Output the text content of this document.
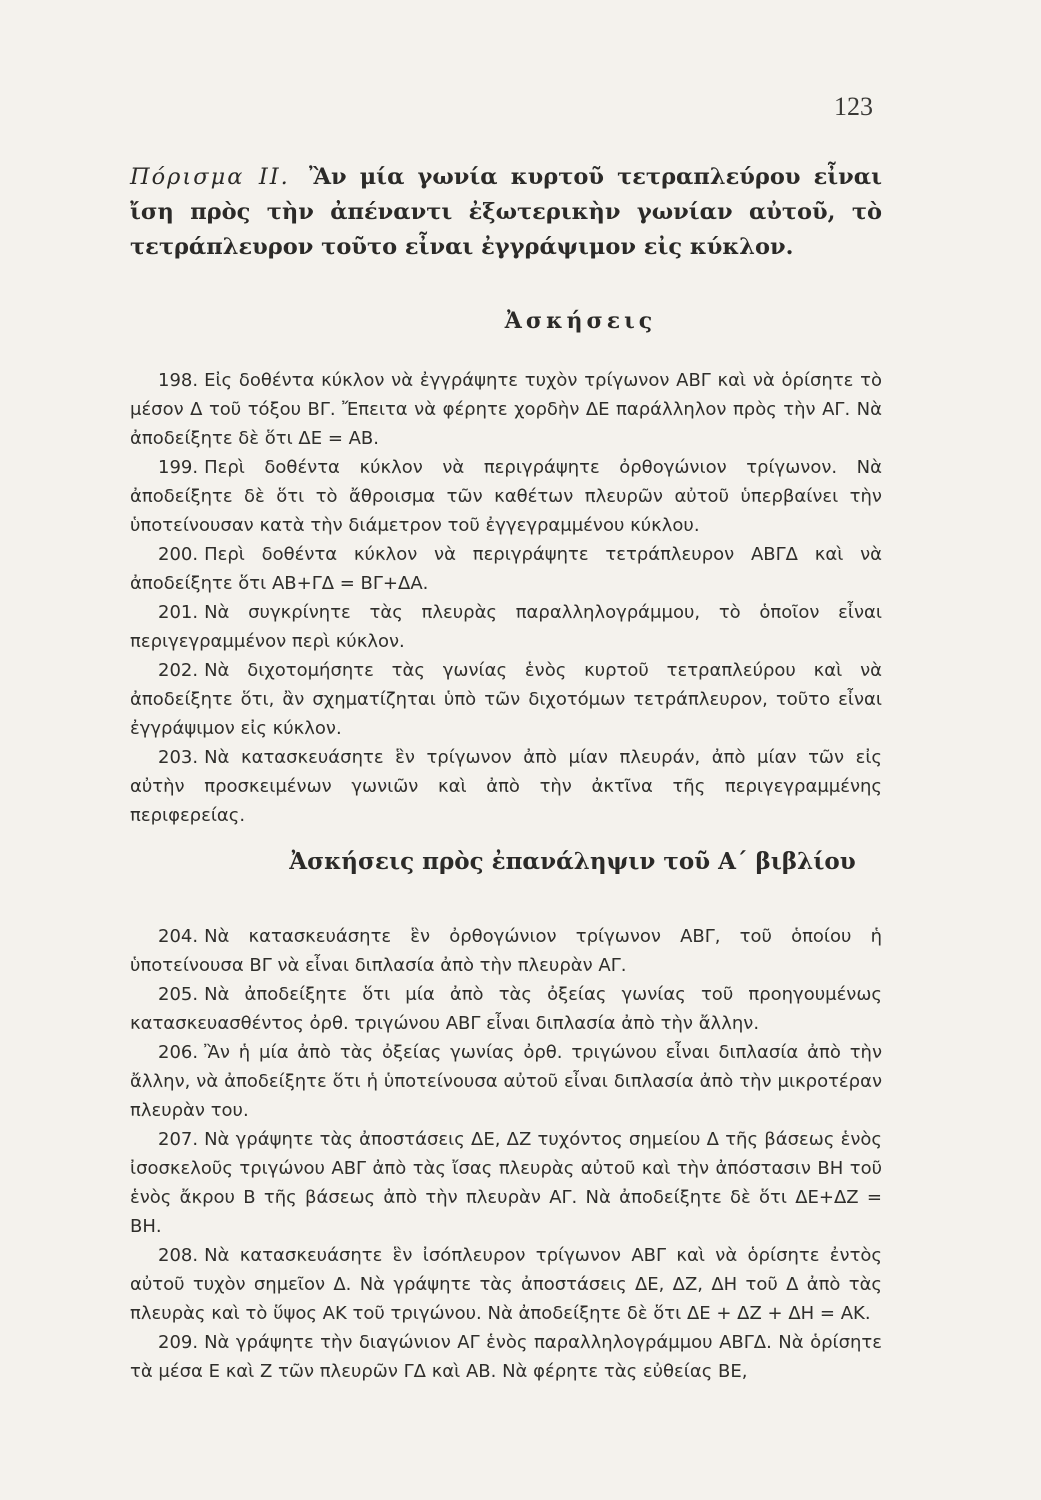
123

Πόρισμα ΙΙ. Ἂν μία γωνία κυρτοῦ τετραπλεύρου εἶναι ἴση πρὸς τὴν ἀπέναντι ἐξωτερικὴν γωνίαν αὐτοῦ, τὸ τετράπλευρον τοῦτο εἶναι ἐγγράψιμον εἰς κύκλον.

Ἀσκήσεις

198. Εἰς δοθέντα κύκλον νὰ ἐγγράψητε τυχὸν τρίγωνον ΑΒΓ καὶ νὰ ὁρίσητε τὸ μέσον Δ τοῦ τόξου ΒΓ. Ἔπειτα νὰ φέρητε χορδὴν ΔΕ παράλληλον πρὸς τὴν ΑΓ. Νὰ ἀποδείξητε δὲ ὅτι ΔΕ = ΑΒ.

199. Περὶ δοθέντα κύκλον νὰ περιγράψητε ὀρθογώνιον τρίγωνον. Νὰ ἀποδείξητε δὲ ὅτι τὸ ἄθροισμα τῶν καθέτων πλευρῶν αὐτοῦ ὑπερβαίνει τὴν ὑποτείνουσαν κατὰ τὴν διάμετρον τοῦ ἐγγεγραμμένου κύκλου.

200. Περὶ δοθέντα κύκλον νὰ περιγράψητε τετράπλευρον ΑΒΓΔ καὶ νὰ ἀποδείξητε ὅτι ΑΒ+ΓΔ = ΒΓ+ΔΑ.

201. Νὰ συγκρίνητε τὰς πλευρὰς παραλληλογράμμου, τὸ ὁποῖον εἶναι περιγεγραμμένον περὶ κύκλον.

202. Νὰ διχοτομήσητε τὰς γωνίας ἑνὸς κυρτοῦ τετραπλεύρου καὶ νὰ ἀποδείξητε ὅτι, ἂν σχηματίζηται ὑπὸ τῶν διχοτόμων τετράπλευρον, τοῦτο εἶναι ἐγγράψιμον εἰς κύκλον.

203. Νὰ κατασκευάσητε ἓν τρίγωνον ἀπὸ μίαν πλευράν, ἀπὸ μίαν τῶν εἰς αὐτὴν προσκειμένων γωνιῶν καὶ ἀπὸ τὴν ἀκτῖνα τῆς περιγεγραμμένης περιφερείας.

Ἀσκήσεις πρὸς ἐπανάληψιν τοῦ Α΄ βιβλίου

204. Νὰ κατασκευάσητε ἓν ὀρθογώνιον τρίγωνον ΑΒΓ, τοῦ ὁποίου ἡ ὑποτείνουσα ΒΓ νὰ εἶναι διπλασία ἀπὸ τὴν πλευρὰν ΑΓ.

205. Νὰ ἀποδείξητε ὅτι μία ἀπὸ τὰς ὀξείας γωνίας τοῦ προηγουμένως κατασκευασθέντος ὀρθ. τριγώνου ΑΒΓ εἶναι διπλασία ἀπὸ τὴν ἄλλην.

206. Ἂν ἡ μία ἀπὸ τὰς ὀξείας γωνίας ὀρθ. τριγώνου εἶναι διπλασία ἀπὸ τὴν ἄλλην, νὰ ἀποδείξητε ὅτι ἡ ὑποτείνουσα αὐτοῦ εἶναι διπλασία ἀπὸ τὴν μικροτέραν πλευρὰν του.

207. Νὰ γράψητε τὰς ἀποστάσεις ΔΕ, ΔΖ τυχόντος σημείου Δ τῆς βάσεως ἑνὸς ἰσοσκελοῦς τριγώνου ΑΒΓ ἀπὸ τὰς ἴσας πλευρὰς αὐτοῦ καὶ τὴν ἀπόστασιν ΒΗ τοῦ ἑνὸς ἄκρου Β τῆς βάσεως ἀπὸ τὴν πλευρὰν ΑΓ. Νὰ ἀποδείξητε δὲ ὅτι ΔΕ+ΔΖ = ΒΗ.

208. Νὰ κατασκευάσητε ἓν ἰσόπλευρον τρίγωνον ΑΒΓ καὶ νὰ ὁρίσητε ἐντὸς αὐτοῦ τυχὸν σημεῖον Δ. Νὰ γράψητε τὰς ἀποστάσεις ΔΕ, ΔΖ, ΔΗ τοῦ Δ ἀπὸ τὰς πλευρὰς καὶ τὸ ὕψος ΑΚ τοῦ τριγώνου. Νὰ ἀποδείξητε δὲ ὅτι ΔΕ + ΔΖ + ΔΗ = ΑΚ.

209. Νὰ γράψητε τὴν διαγώνιον ΑΓ ἑνὸς παραλληλογράμμου ΑΒΓΔ. Νὰ ὁρίσητε τὰ μέσα Ε καὶ Ζ τῶν πλευρῶν ΓΔ καὶ ΑΒ. Νὰ φέρητε τὰς εὐθείας ΒΕ,
